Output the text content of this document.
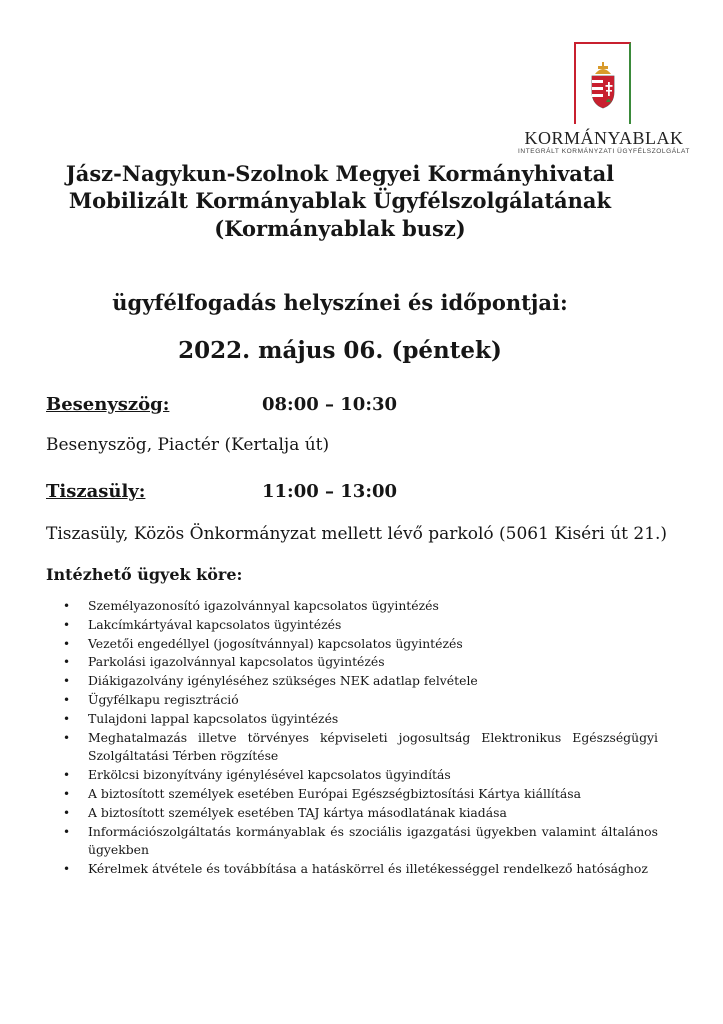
KORMÁNYABLAK
INTEGRÁLT KORMÁNYZATI ÜGYFÉLSZOLGÁLAT
Jász-Nagykun-Szolnok Megyei Kormányhivatal
Mobilizált Kormányablak Ügyfélszolgálatának
(Kormányablak busz)
ügyfélfogadás helyszínei és időpontjai:
2022. május 06. (péntek)
Besenyszög:	08:00 – 10:30
Besenyszög, Piactér (Kertalja út)
Tiszasüly:	11:00 – 13:00
Tiszasüly, Közös Önkormányzat mellett lévő parkoló (5061 Kiséri út 21.)
Intézhető ügyek köre:
• Személyazonosító igazolvánnyal kapcsolatos ügyintézés
• Lakcímkártyával kapcsolatos ügyintézés
• Vezetői engedéllyel (jogosítvánnyal) kapcsolatos ügyintézés
• Parkolási igazolvánnyal kapcsolatos ügyintézés
• Diákigazolvány igényléséhez szükséges NEK adatlap felvétele
• Ügyfélkapu regisztráció
• Tulajdoni lappal kapcsolatos ügyintézés
• Meghatalmazás illetve törvényes képviseleti jogosultság Elektronikus Egészségügyi Szolgáltatási Térben rögzítése
• Erkölcsi bizonyítvány igénylésével kapcsolatos ügyindítás
• A biztosított személyek esetében Európai Egészségbiztosítási Kártya kiállítása
• A biztosított személyek esetében TAJ kártya másodlatának kiadása
• Információszolgáltatás kormányablak és szociális igazgatási ügyekben valamint általános ügyekben
• Kérelmek átvétele és továbbítása a hatáskörrel és illetékességgel rendelkező hatósághoz
